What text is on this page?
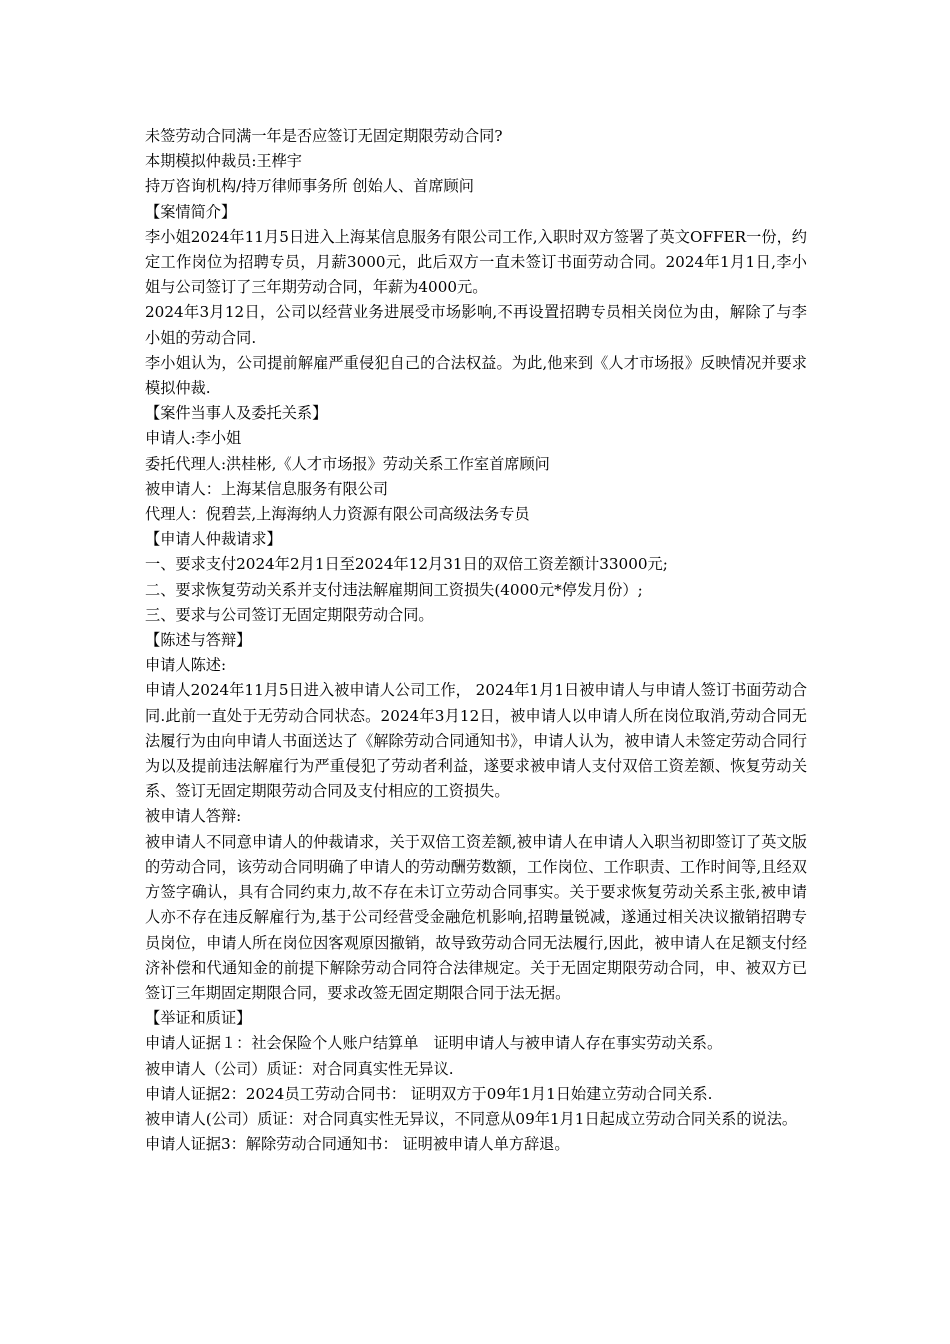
未签劳动合同满一年是否应签订无固定期限劳动合同?

本期模拟仲裁员:王桦宇

持万咨询机构/持万律师事务所 创始人、首席顾问

【案情简介】

李小姐2024年11月5日进入上海某信息服务有限公司工作,入职时双方签署了英文OFFER一份，约定工作岗位为招聘专员，月薪3000元，此后双方一直未签订书面劳动合同。2024年1月1日,李小姐与公司签订了三年期劳动合同，年薪为4000元。

2024年3月12日，公司以经营业务进展受市场影响,不再设置招聘专员相关岗位为由，解除了与李小姐的劳动合同.

李小姐认为，公司提前解雇严重侵犯自己的合法权益。为此,他来到《人才市场报》反映情况并要求模拟仲裁.

【案件当事人及委托关系】

申请人:李小姐

委托代理人:洪桂彬,《人才市场报》劳动关系工作室首席顾问

被申请人：上海某信息服务有限公司

代理人：倪碧芸,上海海纳人力资源有限公司高级法务专员

【申请人仲裁请求】

一、要求支付2024年2月1日至2024年12月31日的双倍工资差额计33000元;

二、要求恢复劳动关系并支付违法解雇期间工资损失(4000元*停发月份）;

三、要求与公司签订无固定期限劳动合同。

【陈述与答辩】

申请人陈述:

申请人2024年11月5日进入被申请人公司工作， 2024年1月1日被申请人与申请人签订书面劳动合同.此前一直处于无劳动合同状态。2024年3月12日，被申请人以申请人所在岗位取消,劳动合同无法履行为由向申请人书面送达了《解除劳动合同通知书》，申请人认为，被申请人未签定劳动合同行为以及提前违法解雇行为严重侵犯了劳动者利益，遂要求被申请人支付双倍工资差额、恢复劳动关系、签订无固定期限劳动合同及支付相应的工资损失。

被申请人答辩:

被申请人不同意申请人的仲裁请求，关于双倍工资差额,被申请人在申请人入职当初即签订了英文版的劳动合同，该劳动合同明确了申请人的劳动酬劳数额，工作岗位、工作职责、工作时间等,且经双方签字确认，具有合同约束力,故不存在未订立劳动合同事实。关于要求恢复劳动关系主张,被申请人亦不存在违反解雇行为,基于公司经营受金融危机影响,招聘量锐减，遂通过相关决议撤销招聘专员岗位，申请人所在岗位因客观原因撤销，故导致劳动合同无法履行,因此，被申请人在足额支付经济补偿和代通知金的前提下解除劳动合同符合法律规定。关于无固定期限劳动合同，申、被双方已签订三年期固定期限合同，要求改签无固定期限合同于法无据。

【举证和质证】

申请人证据１：社会保险个人账户结算单　证明申请人与被申请人存在事实劳动关系。

被申请人（公司）质证：对合同真实性无异议.

申请人证据2：2024员工劳动合同书： 证明双方于09年1月1日始建立劳动合同关系.

被申请人(公司）质证：对合同真实性无异议，不同意从09年1月1日起成立劳动合同关系的说法。

申请人证据3：解除劳动合同通知书： 证明被申请人单方辞退。
